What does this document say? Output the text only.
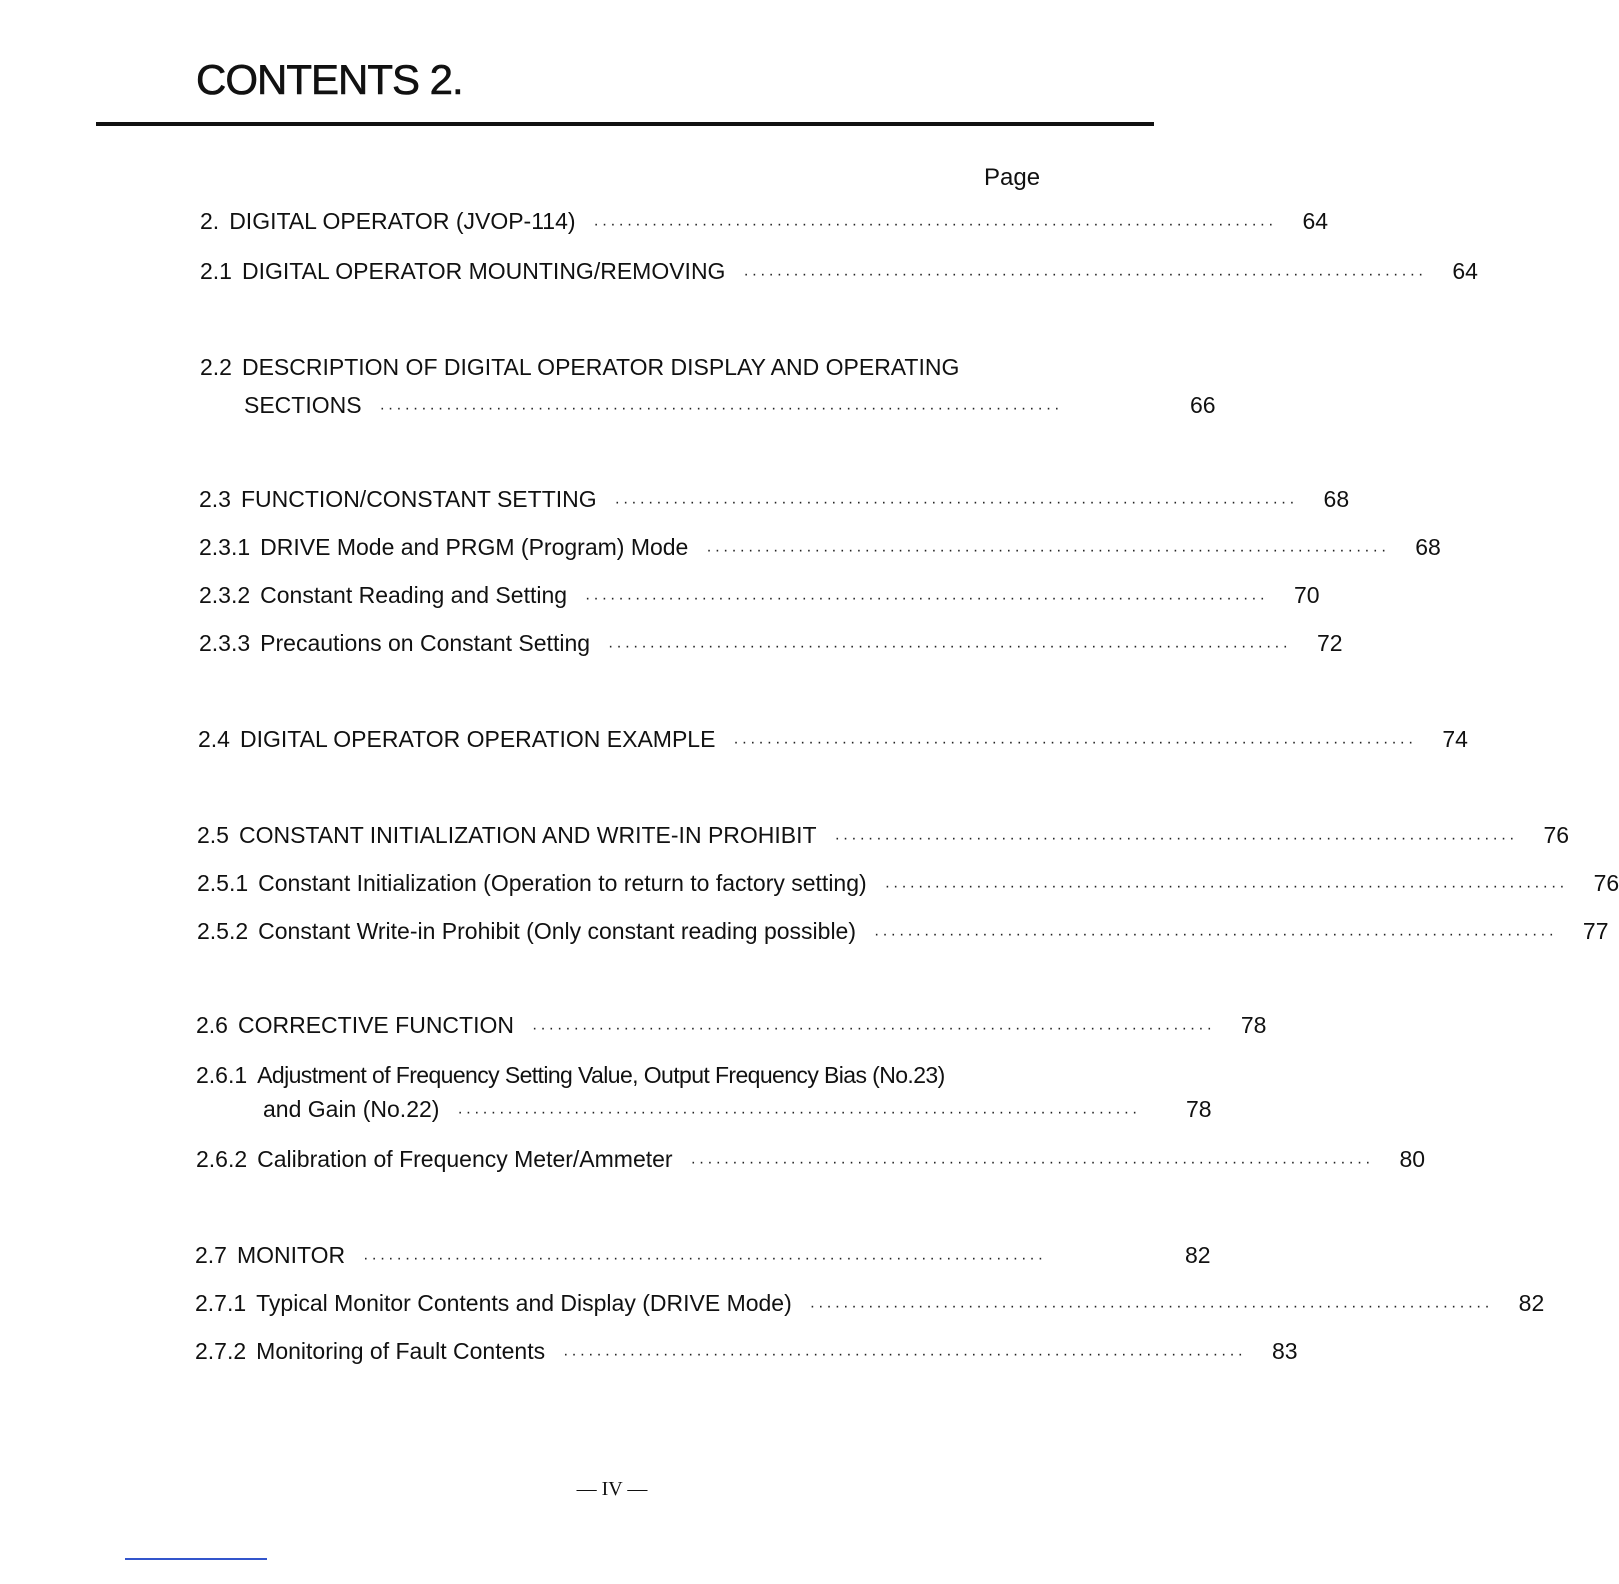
CONTENTS 2.
Page
2. DIGITAL OPERATOR (JVOP-114) ·················································································· 64
2.1 DIGITAL OPERATOR MOUNTING/REMOVING ·················································································· 64
2.2 DESCRIPTION OF DIGITAL OPERATOR DISPLAY AND OPERATING
SECTIONS ··················································································	66
2.3 FUNCTION/CONSTANT SETTING ·················································································· 68
2.3.1 DRIVE Mode and PRGM (Program) Mode ·················································································· 68
2.3.2 Constant Reading and Setting ·················································································· 70
2.3.3 Precautions on Constant Setting ·················································································· 72
2.4 DIGITAL OPERATOR OPERATION EXAMPLE ·················································································· 74
2.5 CONSTANT INITIALIZATION AND WRITE-IN PROHIBIT ·················································································· 76
2.5.1 Constant Initialization (Operation to return to factory setting) ·················································································· 76
2.5.2 Constant Write-in Prohibit (Only constant reading possible) ·················································································· 77
2.6 CORRECTIVE FUNCTION ·················································································· 78
2.6.1 Adjustment of Frequency Setting Value, Output Frequency Bias (No.23)
and Gain (No.22) ··················································································	78
2.6.2 Calibration of Frequency Meter/Ammeter ·················································································· 80
2.7 MONITOR ··················································································	82
2.7.1 Typical Monitor Contents and Display (DRIVE Mode) ·················································································· 82
2.7.2 Monitoring of Fault Contents ·················································································· 83
— IV —
